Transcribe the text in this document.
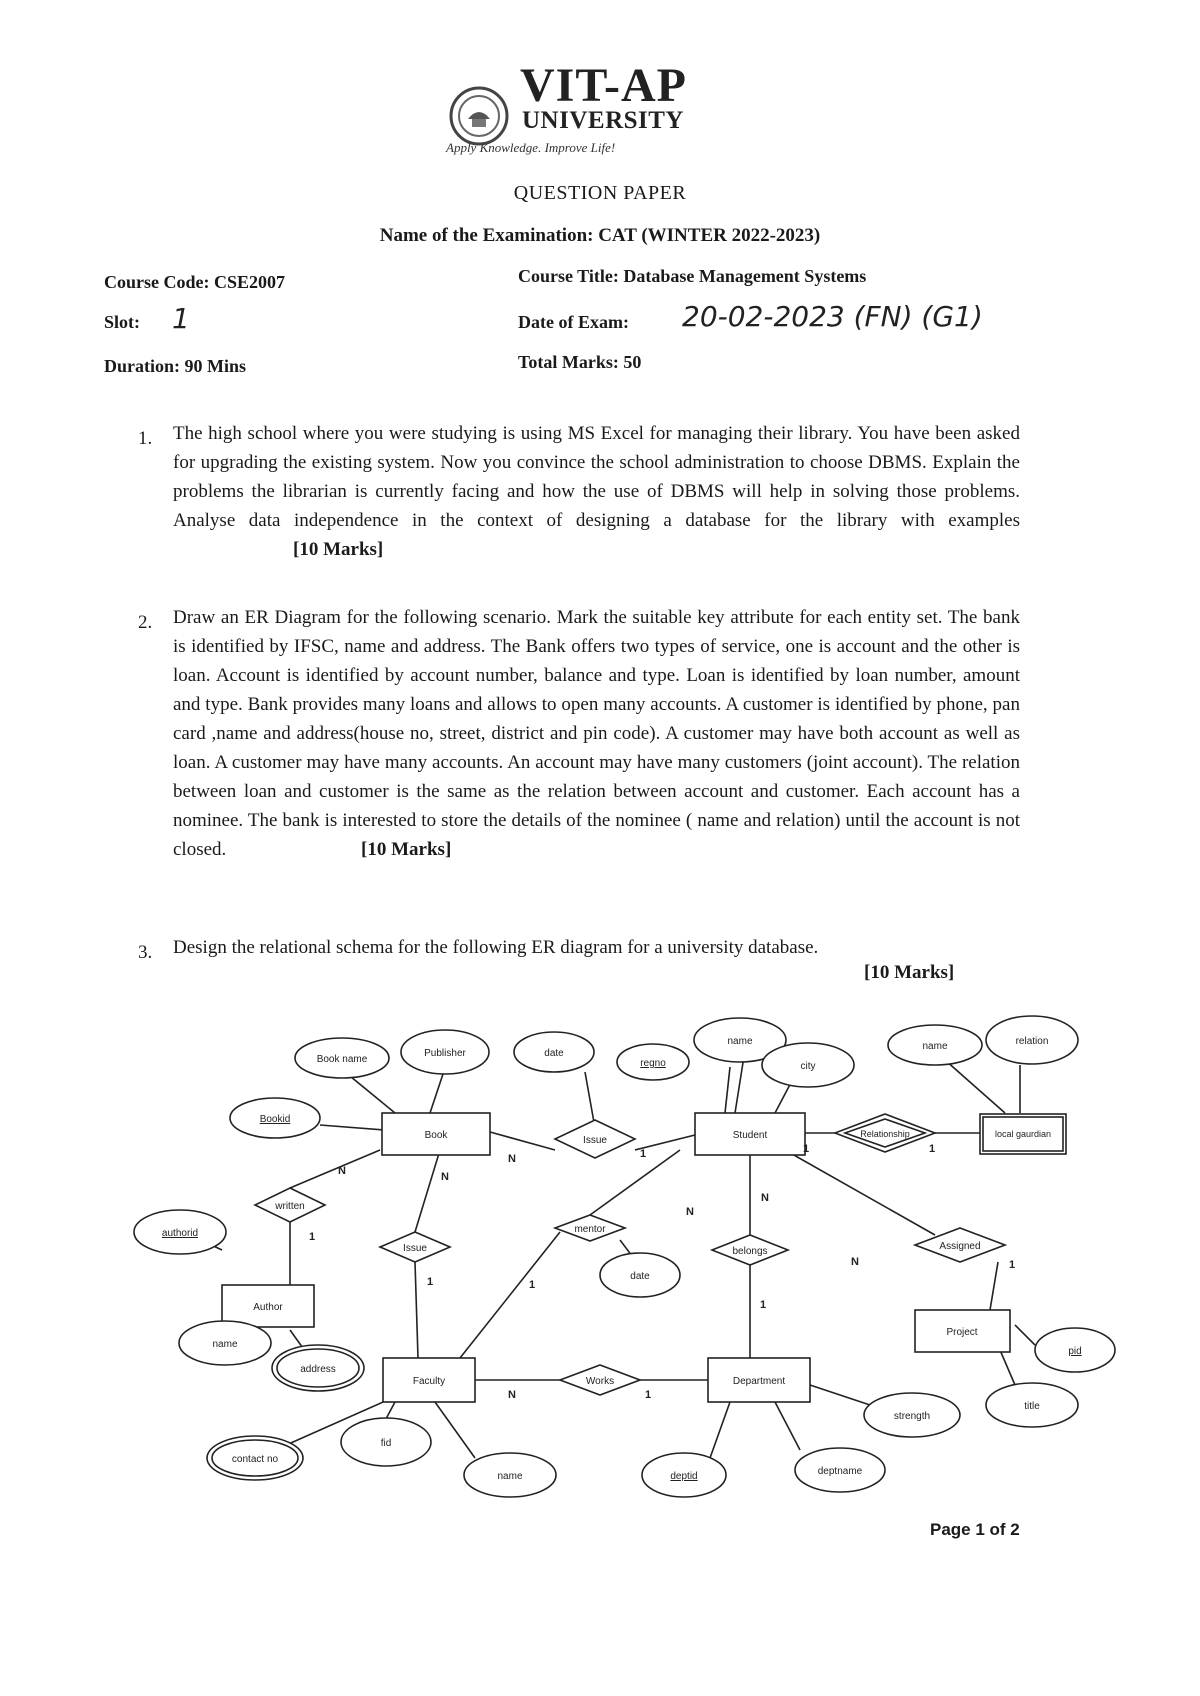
VIT-AP
UNIVERSITY
Apply Knowledge. Improve Life!
QUESTION PAPER
Name of the Examination: CAT (WINTER 2022-2023)
Course Code: CSE2007	Course Title: Database Management Systems
Slot: 1	Date of Exam: 20-02-2023 (FN) (G1)
Duration: 90 Mins	Total Marks: 50
1. The high school where you were studying is using MS Excel for managing their library. You have been asked for upgrading the existing system. Now you convince the school administration to choose DBMS. Explain the problems the librarian is currently facing and how the use of DBMS will help in solving those problems. Analyse data independence in the context of designing a database for the library with examples [10 Marks]
2. Draw an ER Diagram for the following scenario. Mark the suitable key attribute for each entity set. The bank is identified by IFSC, name and address. The Bank offers two types of service, one is account and the other is loan. Account is identified by account number, balance and type. Loan is identified by loan number, amount and type. Bank provides many loans and allows to open many accounts. A customer is identified by phone, pan card ,name and address(house no, street, district and pin code). A customer may have both account as well as loan. A customer may have many accounts. An account may have many customers (joint account). The relation between loan and customer is the same as the relation between account and customer. Each account has a nominee. The bank is interested to store the details of the nominee ( name and relation) until the account is not closed.	[10 Marks]
3. Design the relational schema for the following ER diagram for a university database.
[10 Marks]
Book	Student	local gaurdian
Author
Faculty	Department
Project
Issue
Relationship
written
Issue
mentor
belongs	Assigned
Works
Book name
Publisher
Bookid
date
regno
name
city
name	relation
authorid
name
address
contact no
fid
name
date
deptid	deptname
strength
pid
title
N	1	1	1
N
1
N
1
N
1
N
1
N	1
N	1
Page 1 of 2
